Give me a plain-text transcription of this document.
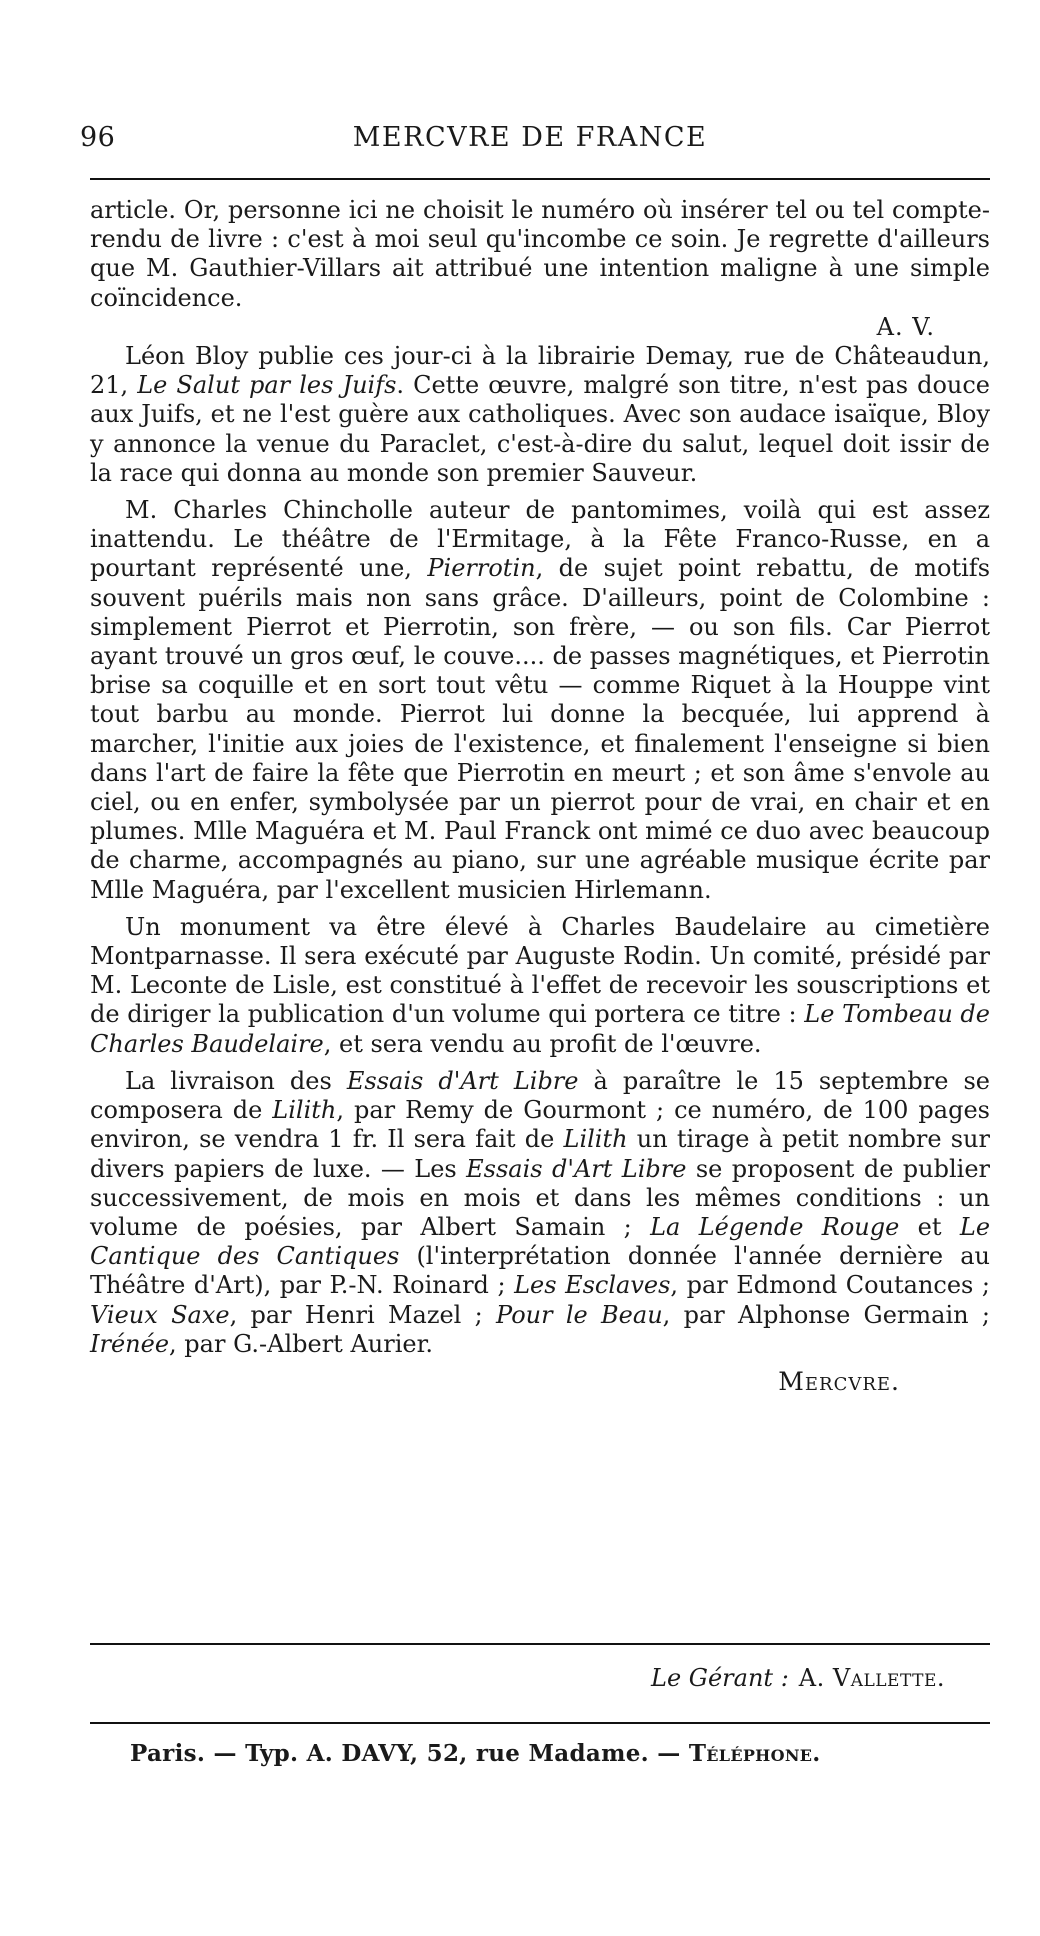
96	MERCVRE DE FRANCE

article. Or, personne ici ne choisit le numéro où insérer tel ou tel compte-rendu de livre : c'est à moi seul qu'incombe ce soin. Je regrette d'ailleurs que M. Gauthier-Villars ait attribué une intention maligne à une simple coïncidence.

A. V.

Léon Bloy publie ces jour-ci à la librairie Demay, rue de Châteaudun, 21, Le Salut par les Juifs. Cette œuvre, malgré son titre, n'est pas douce aux Juifs, et ne l'est guère aux catholiques. Avec son audace isaïque, Bloy y annonce la venue du Paraclet, c'est-à-dire du salut, lequel doit issir de la race qui donna au monde son premier Sauveur.

M. Charles Chincholle auteur de pantomimes, voilà qui est assez inattendu. Le théâtre de l'Ermitage, à la Fête Franco-Russe, en a pourtant représenté une, Pierrotin, de sujet point rebattu, de motifs souvent puérils mais non sans grâce. D'ailleurs, point de Colombine : simplement Pierrot et Pierrotin, son frère, — ou son fils. Car Pierrot ayant trouvé un gros œuf, le couve.... de passes magnétiques, et Pierrotin brise sa coquille et en sort tout vêtu — comme Riquet à la Houppe vint tout barbu au monde. Pierrot lui donne la becquée, lui apprend à marcher, l'initie aux joies de l'existence, et finalement l'enseigne si bien dans l'art de faire la fête que Pierrotin en meurt ; et son âme s'envole au ciel, ou en enfer, symbolysée par un pierrot pour de vrai, en chair et en plumes. Mlle Maguéra et M. Paul Franck ont mimé ce duo avec beaucoup de charme, accompagnés au piano, sur une agréable musique écrite par Mlle Maguéra, par l'excellent musicien Hirlemann.

Un monument va être élevé à Charles Baudelaire au cimetière Montparnasse. Il sera exécuté par Auguste Rodin. Un comité, présidé par M. Leconte de Lisle, est constitué à l'effet de recevoir les souscriptions et de diriger la publication d'un volume qui portera ce titre : Le Tombeau de Charles Baudelaire, et sera vendu au profit de l'œuvre.

La livraison des Essais d'Art Libre à paraître le 15 septembre se composera de Lilith, par Remy de Gourmont ; ce numéro, de 100 pages environ, se vendra 1 fr. Il sera fait de Lilith un tirage à petit nombre sur divers papiers de luxe. — Les Essais d'Art Libre se proposent de publier successivement, de mois en mois et dans les mêmes conditions : un volume de poésies, par Albert Samain ; La Légende Rouge et Le Cantique des Cantiques (l'interprétation donnée l'année dernière au Théâtre d'Art), par P.-N. Roinard ; Les Esclaves, par Edmond Coutances ; Vieux Saxe, par Henri Mazel ; Pour le Beau, par Alphonse Germain ; Irénée, par G.-Albert Aurier.

Mercvre.

Le Gérant : A. Vallette.
Paris. — Typ. A. DAVY, 52, rue Madame. — Téléphone.
